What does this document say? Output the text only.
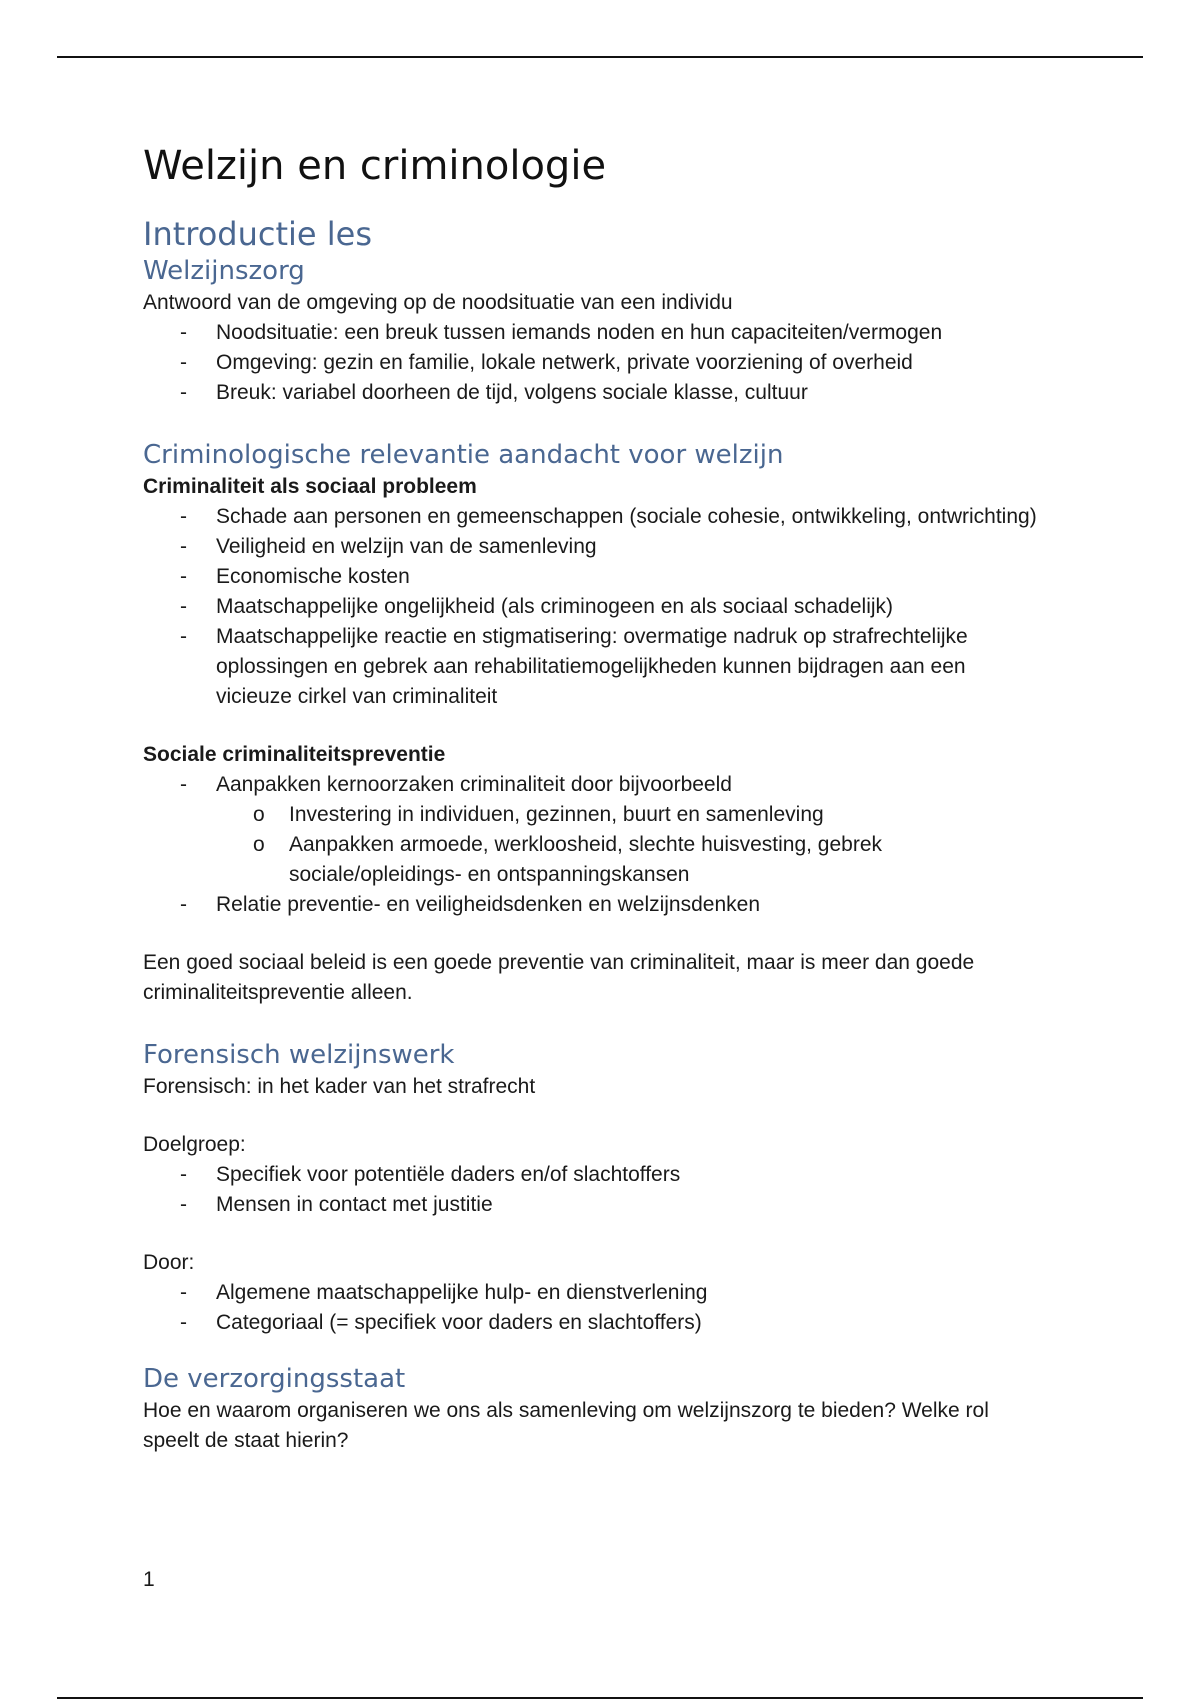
Welzijn en criminologie
Introductie les
Welzijnszorg

Antwoord van de omgeving op de noodsituatie van een individu

- Noodsituatie: een breuk tussen iemands noden en hun capaciteiten/vermogen
- Omgeving: gezin en familie, lokale netwerk, private voorziening of overheid
- Breuk: variabel doorheen de tijd, volgens sociale klasse, cultuur
Criminologische relevantie aandacht voor welzijn

Criminaliteit als sociaal probleem

- Schade aan personen en gemeenschappen (sociale cohesie, ontwikkeling, ontwrichting)
- Veiligheid en welzijn van de samenleving
- Economische kosten
- Maatschappelijke ongelijkheid (als criminogeen en als sociaal schadelijk)
- Maatschappelijke reactie en stigmatisering: overmatige nadruk op strafrechtelijke oplossingen en gebrek aan rehabilitatiemogelijkheden kunnen bijdragen aan een vicieuze cirkel van criminaliteit

Sociale criminaliteitspreventie

- Aanpakken kernoorzaken criminaliteit door bijvoorbeeld
o Investering in individuen, gezinnen, buurt en samenleving
o Aanpakken armoede, werkloosheid, slechte huisvesting, gebrek sociale/opleidings- en ontspanningskansen
- Relatie preventie- en veiligheidsdenken en welzijnsdenken

Een goed sociaal beleid is een goede preventie van criminaliteit, maar is meer dan goede criminaliteitspreventie alleen.

Forensisch welzijnswerk

Forensisch: in het kader van het strafrecht

Doelgroep:

- Specifiek voor potentiële daders en/of slachtoffers
- Mensen in contact met justitie

Door:

- Algemene maatschappelijke hulp- en dienstverlening
- Categoriaal (= specifiek voor daders en slachtoffers)
De verzorgingsstaat

Hoe en waarom organiseren we ons als samenleving om welzijnszorg te bieden? Welke rol speelt de staat hierin?

1
